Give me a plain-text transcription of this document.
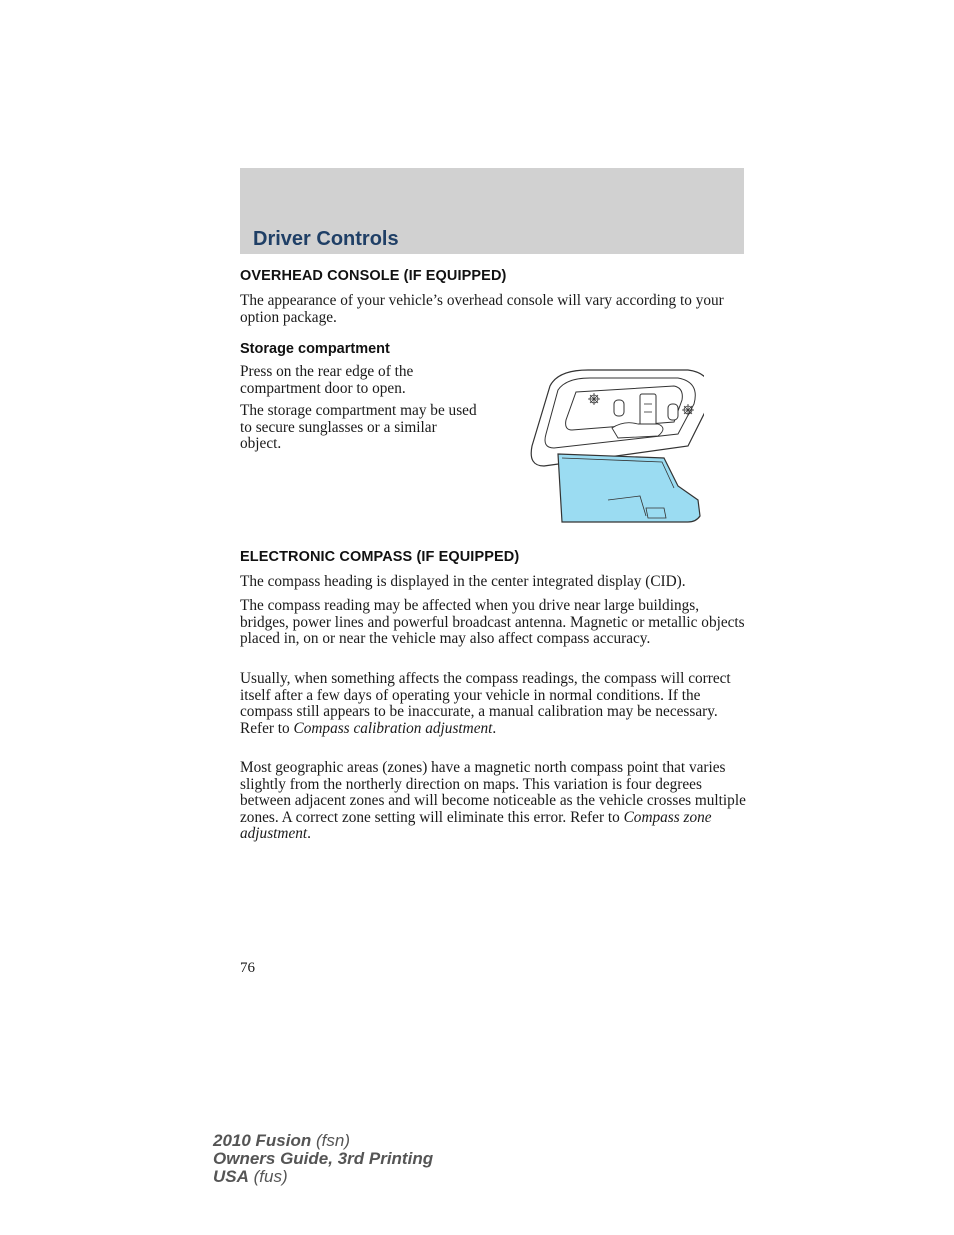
Driver Controls
OVERHEAD CONSOLE (IF EQUIPPED)

The appearance of your vehicle’s overhead console will vary according to your option package.

Storage compartment

Press on the rear edge of the compartment door to open.

The storage compartment may be used to secure sunglasses or a similar object.

ELECTRONIC COMPASS (IF EQUIPPED)

The compass heading is displayed in the center integrated display (CID).

The compass reading may be affected when you drive near large buildings, bridges, power lines and powerful broadcast antenna. Magnetic or metallic objects placed in, on or near the vehicle may also affect compass accuracy.

Usually, when something affects the compass readings, the compass will correct itself after a few days of operating your vehicle in normal conditions. If the compass still appears to be inaccurate, a manual calibration may be necessary. Refer to Compass calibration adjustment.

Most geographic areas (zones) have a magnetic north compass point that varies slightly from the northerly direction on maps. This variation is four degrees between adjacent zones and will become noticeable as the vehicle crosses multiple zones. A correct zone setting will eliminate this error. Refer to Compass zone adjustment.

76

2010 Fusion (fsn)
Owners Guide, 3rd Printing
USA (fus)
